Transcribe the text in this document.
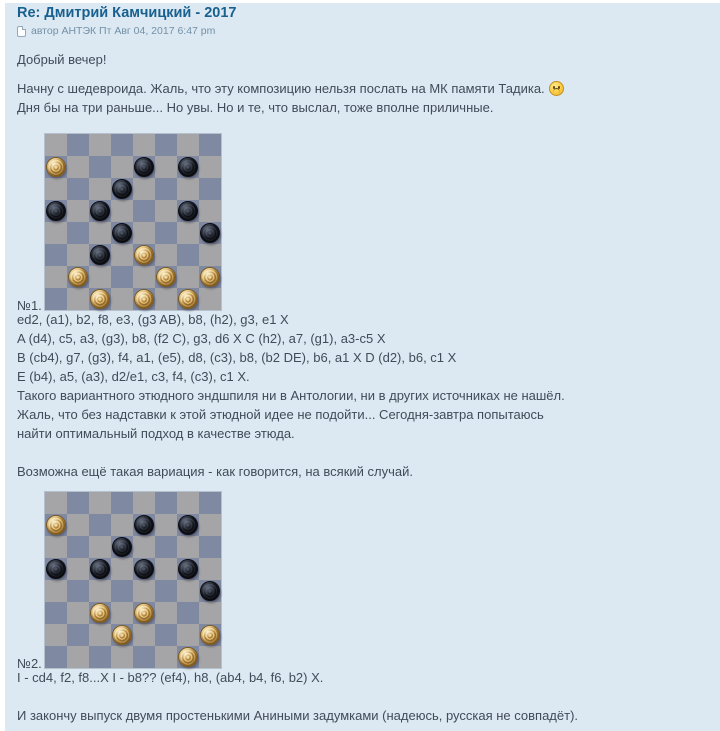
Re: Дмитрий Камчицкий - 2017
автор АНТЭК Пт Авг 04, 2017 6:47 pm
Добрый вечер!
Начну с шедевроида. Жаль, что эту композицию нельзя послать на МК памяти Тадика.
Дня бы на три раньше... Но увы. Но и те, что выслал, тоже вполне приличные.
№1.
ed2, (a1), b2, f8, e3, (g3 AB), b8, (h2), g3, e1 X
A (d4), c5, a3, (g3), b8, (f2 C), g3, d6 X C (h2), a7, (g1), a3-c5 X
B (cb4), g7, (g3), f4, a1, (e5), d8, (c3), b8, (b2 DE), b6, a1 X D (d2), b6, c1 X
E (b4), a5, (a3), d2/e1, c3, f4, (c3), c1 X.
Такого вариантного этюдного эндшпиля ни в Антологии, ни в других источниках не нашёл.
Жаль, что без надставки к этой этюдной идее не подойти... Сегодня-завтра попытаюсь
найти оптимальный подход в качестве этюда.
Возможна ещё такая вариация - как говорится, на всякий случай.
№2.
I - cd4, f2, f8...X I - b8?? (ef4), h8, (ab4, b4, f6, b2) X.
И закончу выпуск двумя простенькими Аниными задумками (надеюсь, русская не совпадёт).
